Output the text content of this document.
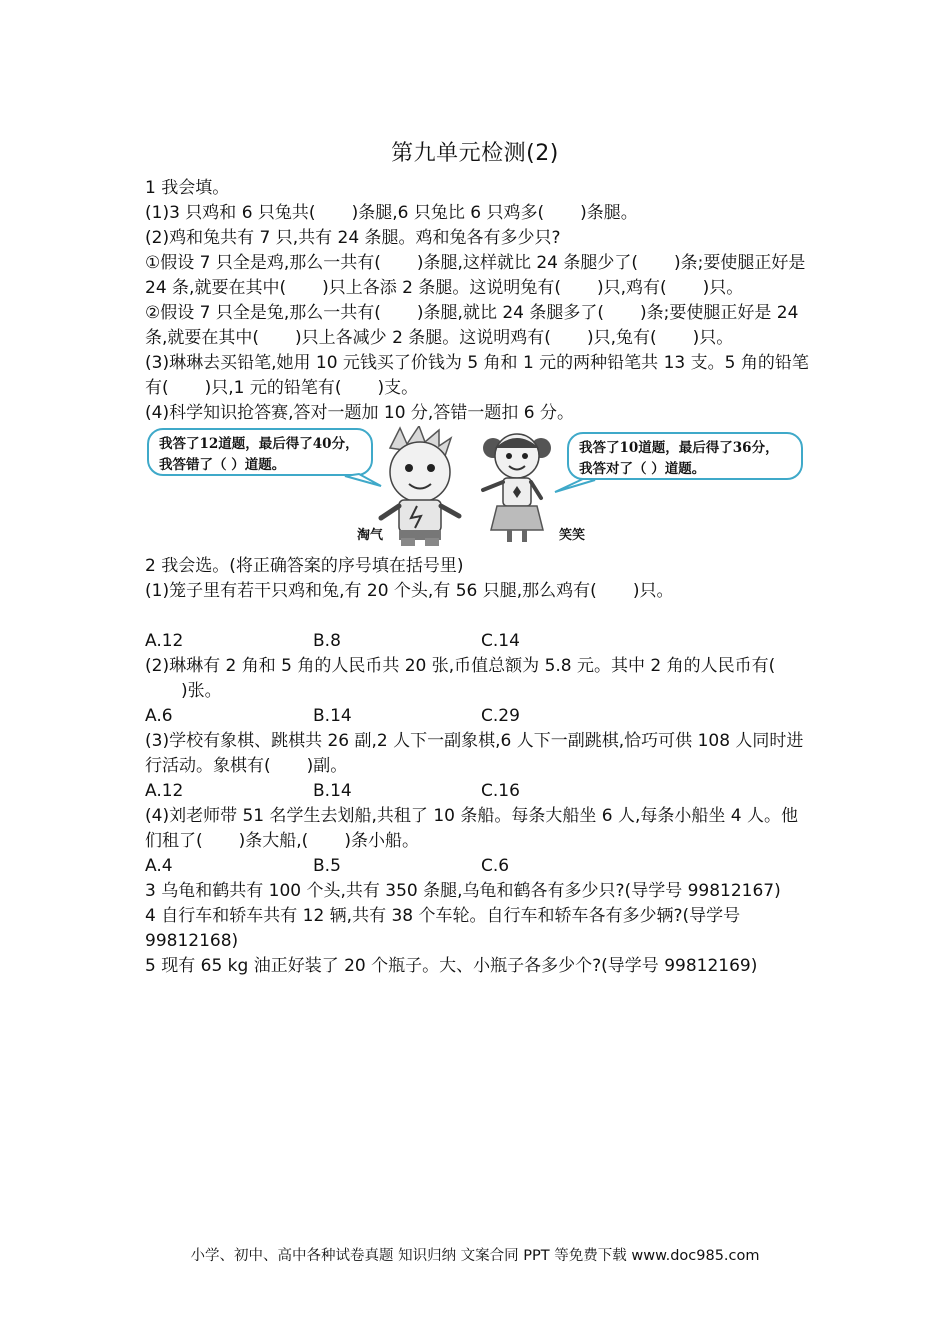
第九单元检测(2)
1 我会填。
(1)3 只鸡和 6 只兔共( )条腿,6 只兔比 6 只鸡多( )条腿。
(2)鸡和兔共有 7 只,共有 24 条腿。鸡和兔各有多少只?
①假设 7 只全是鸡,那么一共有( )条腿,这样就比 24 条腿少了( )条;要使腿正好是 24 条,就要在其中( )只上各添 2 条腿。这说明兔有( )只,鸡有( )只。
②假设 7 只全是兔,那么一共有( )条腿,就比 24 条腿多了( )条;要使腿正好是 24 条,就要在其中( )只上各减少 2 条腿。这说明鸡有( )只,兔有( )只。
(3)琳琳去买铅笔,她用 10 元钱买了价钱为 5 角和 1 元的两种铅笔共 13 支。5 角的铅笔有( )只,1 元的铅笔有( )支。
(4)科学知识抢答赛,答对一题加 10 分,答错一题扣 6 分。
我答了12道题，最后得了40分，我答错了（ ）道题。
我答了10道题，最后得了36分，我答对了（ ）道题。
淘气	笑笑
2 我会选。(将正确答案的序号填在括号里)
(1)笼子里有若干只鸡和兔,有 20 个头,有 56 只腿,那么鸡有( )只。
A.12	B.8	C.14
(2)琳琳有 2 角和 5 角的人民币共 20 张,币值总额为 5.8 元。其中 2 角的人民币有()张。
A.6	B.14	C.29
(3)学校有象棋、跳棋共 26 副,2 人下一副象棋,6 人下一副跳棋,恰巧可供 108 人同时进行活动。象棋有( )副。
A.12	B.14	C.16
(4)刘老师带 51 名学生去划船,共租了 10 条船。每条大船坐 6 人,每条小船坐 4 人。他们租了( )条大船,( )条小船。
A.4	B.5	C.6
3 乌龟和鹤共有 100 个头,共有 350 条腿,乌龟和鹤各有多少只?(导学号 99812167)
4 自行车和轿车共有 12 辆,共有 38 个车轮。自行车和轿车各有多少辆?(导学号 99812168)
5 现有 65 kg 油正好装了 20 个瓶子。大、小瓶子各多少个?(导学号 99812169)
小学、初中、高中各种试卷真题 知识归纳 文案合同 PPT 等免费下载 www.doc985.com
